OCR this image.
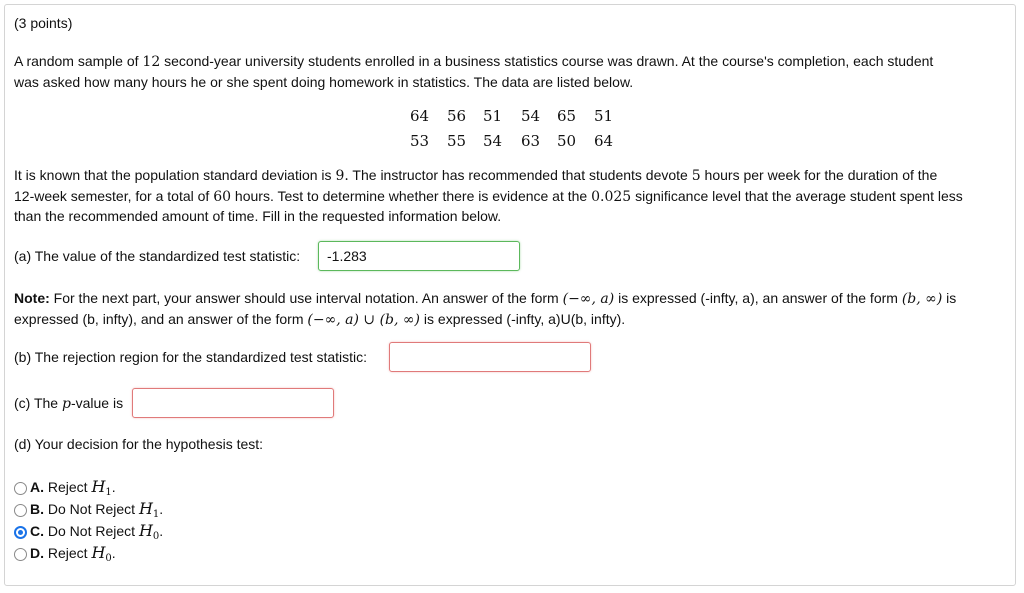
(3 points)
A random sample of 12 second-year university students enrolled in a business statistics course was drawn. At the course's completion, each student
was asked how many hours he or she spent doing homework in statistics. The data are listed below.
64 56 51 54 65 51
53 55 54 63 50 64
It is known that the population standard deviation is 9. The instructor has recommended that students devote 5 hours per week for the duration of the
12-week semester, for a total of 60 hours. Test to determine whether there is evidence at the 0.025 significance level that the average student spent less
than the recommended amount of time. Fill in the requested information below.
(a) The value of the standardized test statistic:
-1.283
Note: For the next part, your answer should use interval notation. An answer of the form (−∞, a) is expressed (-infty, a), an answer of the form (b, ∞) is
expressed (b, infty), and an answer of the form (−∞, a) ∪ (b, ∞) is expressed (-infty, a)U(b, infty).
(b) The rejection region for the standardized test statistic:
(c) The p-value is
(d) Your decision for the hypothesis test:
A. Reject $H_1$.
B. Do Not Reject $H_1$.
C. Do Not Reject $H_0$.
D. Reject $H_0$.
